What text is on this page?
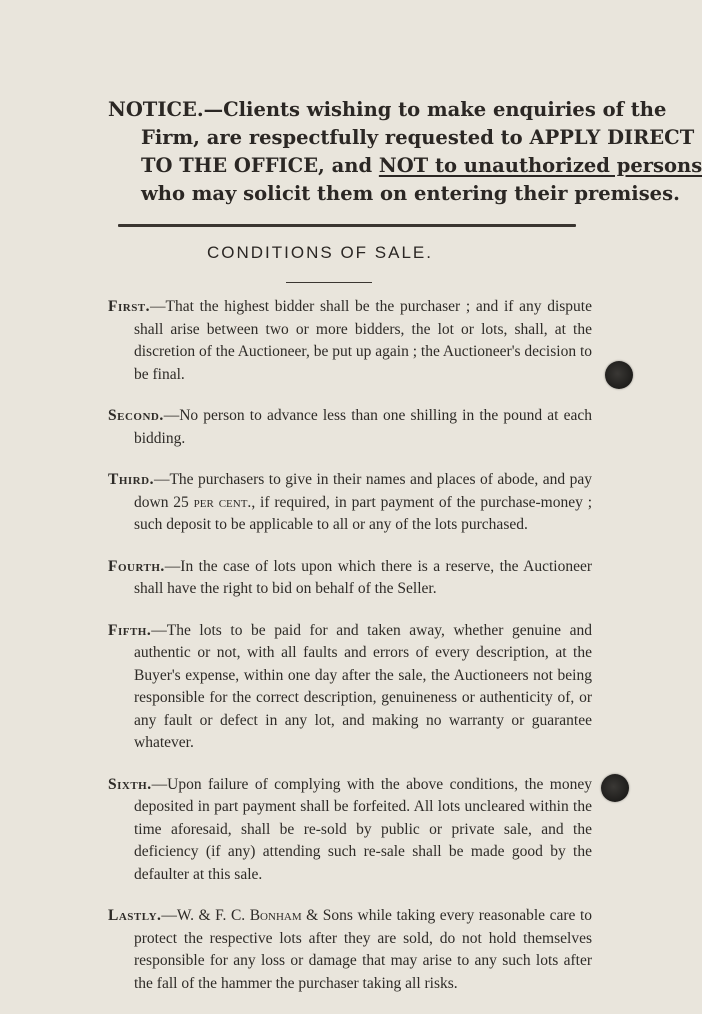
NOTICE.—Clients wishing to make enquiries of the
Firm, are respectfully requested to APPLY DIRECT
TO THE OFFICE, and NOT to unauthorized persons
who may solicit them on entering their premises.
CONDITIONS OF SALE.
First.—That the highest bidder shall be the purchaser ; and if any dispute
shall arise between two or more bidders, the lot or lots, shall, at the discretion of the Auctioneer, be put up again ; the Auctioneer's decision to be final.
Second.—No person to advance less than one shilling in the pound at each
bidding.
Third.—The purchasers to give in their names and places of abode, and pay
down 25 per cent., if required, in part payment of the purchase-money ; such deposit to be applicable to all or any of the lots purchased.
Fourth.—In the case of lots upon which there is a reserve, the Auctioneer
shall have the right to bid on behalf of the Seller.
Fifth.—The lots to be paid for and taken away, whether genuine and
authentic or not, with all faults and errors of every description, at the Buyer's expense, within one day after the sale, the Auctioneers not being responsible for the correct description, genuineness or authenticity of, or any fault or defect in any lot, and making no warranty or guarantee whatever.
Sixth.—Upon failure of complying with the above conditions, the money
deposited in part payment shall be forfeited. All lots uncleared within the time aforesaid, shall be re-sold by public or private sale, and the deficiency (if any) attending such re-sale shall be made good by the defaulter at this sale.
Lastly.—W. & F. C. Bonham & Sons while taking every reasonable care to
protect the respective lots after they are sold, do not hold themselves responsible for any loss or damage that may arise to any such lots after the fall of the hammer the purchaser taking all risks.
